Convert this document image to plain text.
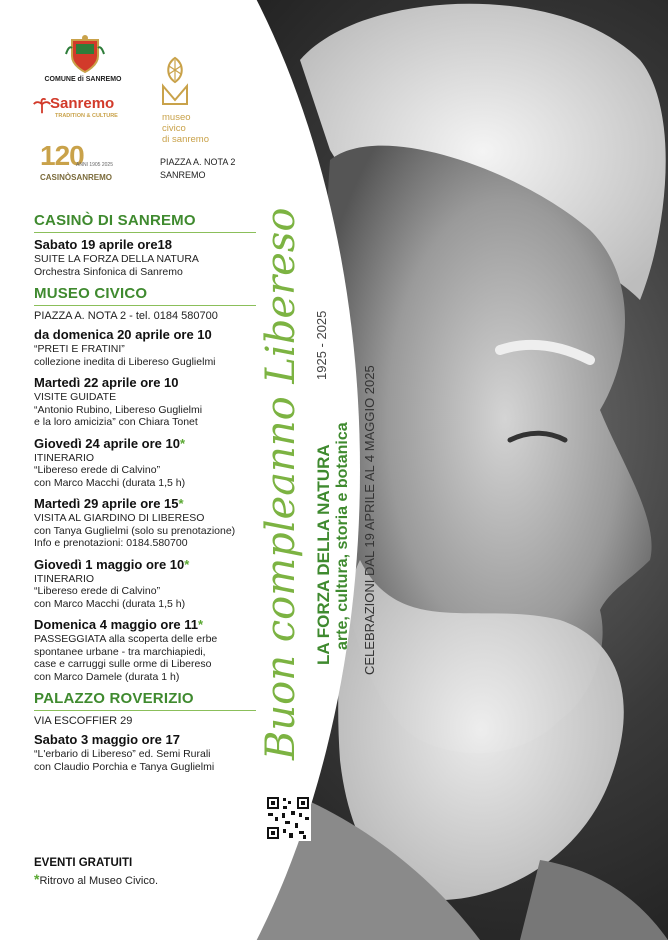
COMUNE di SANREMO
Sanremo
TRADITION & CULTURE
120
ANNI 1905 2025
CASINÒSANREMO
museo
civico
di sanremo
PIAZZA A. NOTA 2
SANREMO
CASINÒ DI SANREMO
Sabato 19 aprile ore18
SUITE LA FORZA DELLA NATURA
Orchestra Sinfonica di Sanremo
MUSEO CIVICO
PIAZZA A. NOTA 2 - tel. 0184 580700
da domenica 20 aprile ore 10
“PRETI E FRATINI”
collezione inedita di Libereso Guglielmi
Martedì 22 aprile ore 10
VISITE GUIDATE
“Antonio Rubino, Libereso Guglielmi
e la loro amicizia” con Chiara Tonet
Giovedì 24 aprile ore 10*
ITINERARIO
“Libereso erede di Calvino”
con Marco Macchi (durata 1,5 h)
Martedì 29 aprile ore 15*
VISITA AL GIARDINO DI LIBERESO
con Tanya Guglielmi (solo su prenotazione)
Info e prenotazioni: 0184.580700
Giovedì 1 maggio ore 10*
ITINERARIO
“Libereso erede di Calvino”
con Marco Macchi (durata 1,5 h)
Domenica 4 maggio ore 11*
PASSEGGIATA alla scoperta delle erbe
spontanee urbane - tra marchiapiedi,
case e carruggi sulle orme di Libereso
con Marco Damele (durata 1 h)
PALAZZO ROVERIZIO
VIA ESCOFFIER 29
Sabato 3 maggio ore 17
“L'erbario di Libereso” ed. Semi Rurali
con Claudio Porchia e Tanya Guglielmi
Buon compleanno Libereso 1925 - 2025
LA FORZA DELLA NATURA arte, cultura, storia e botanica CELEBRAZIONI DAL 19 APRILE AL 4 MAGGIO 2025
EVENTI GRATUITI
*Ritrovo al Museo Civico.
